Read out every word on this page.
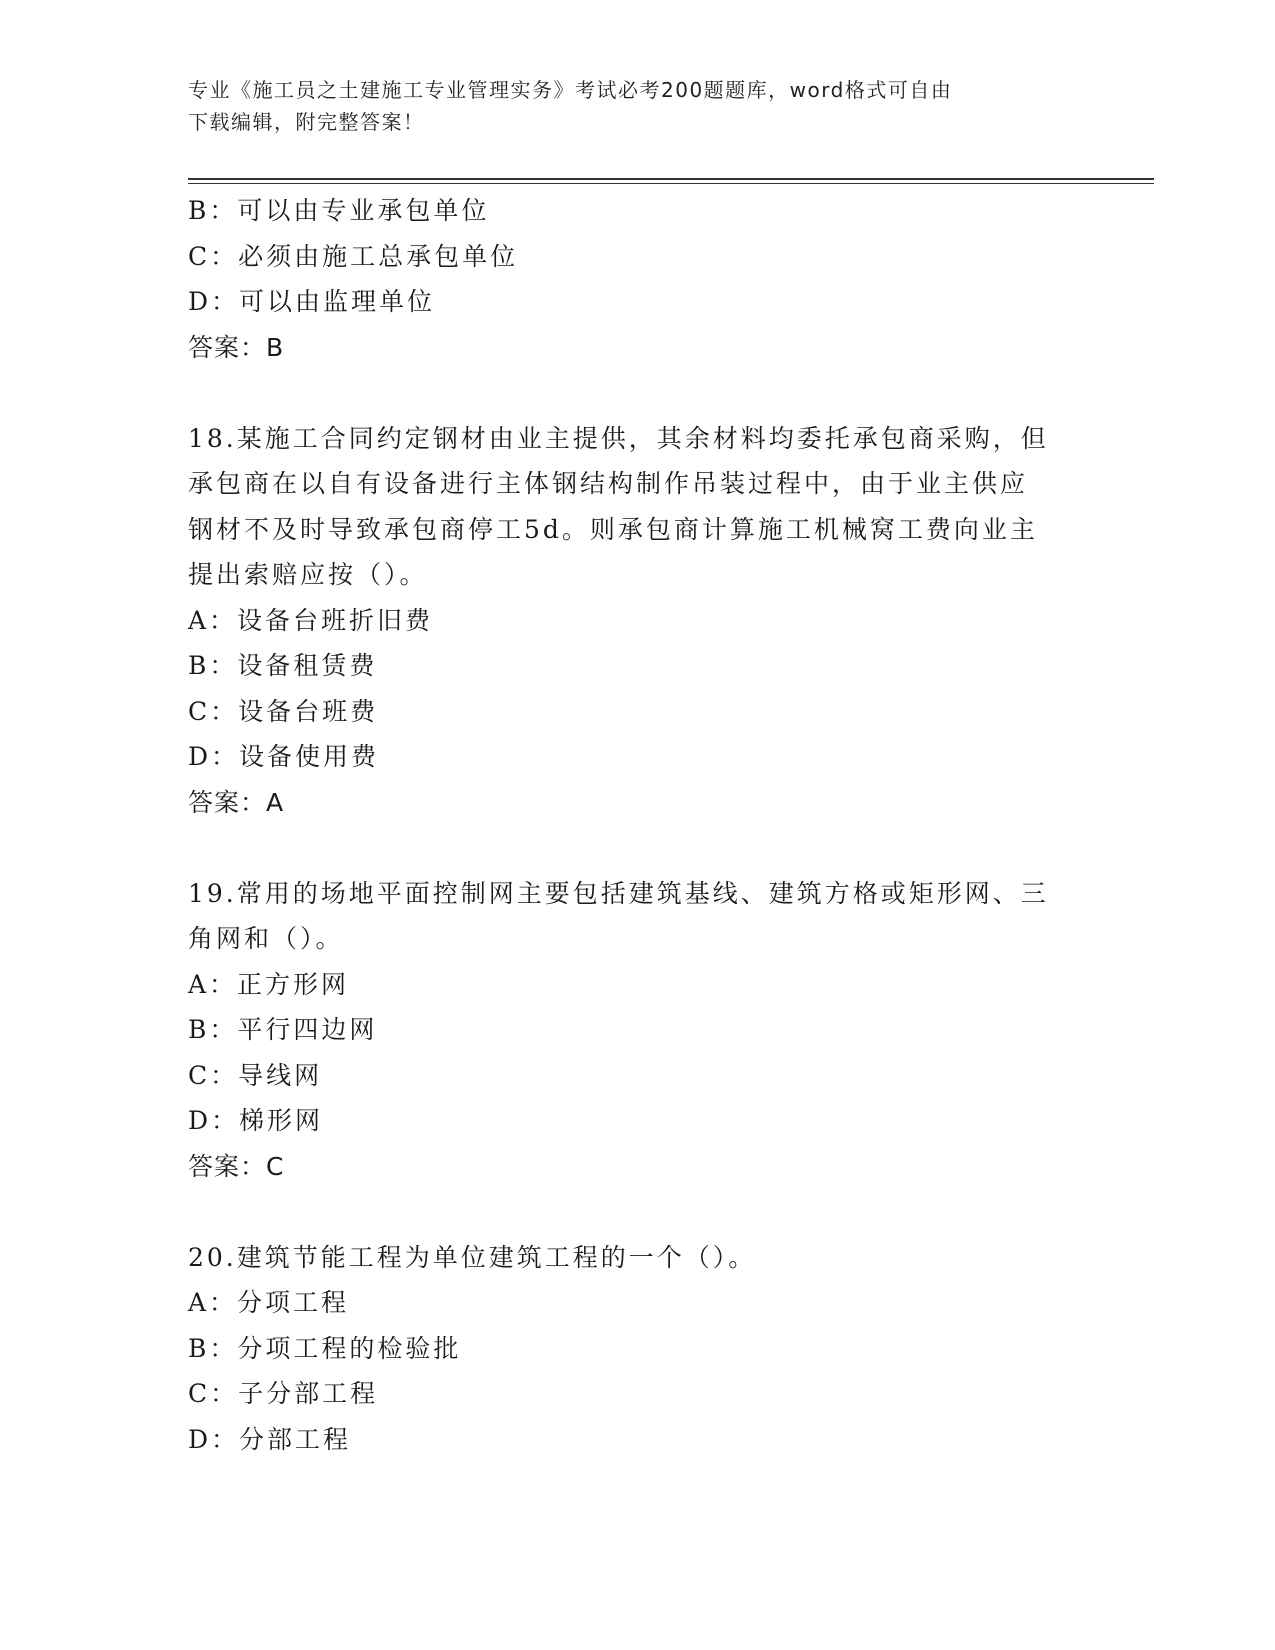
专业《施工员之土建施工专业管理实务》考试必考200题题库，word格式可自由
下载编辑，附完整答案！
B：可以由专业承包单位
C：必须由施工总承包单位
D：可以由监理单位
答案：B
18.某施工合同约定钢材由业主提供，其余材料均委托承包商采购，但
承包商在以自有设备进行主体钢结构制作吊装过程中，由于业主供应
钢材不及时导致承包商停工5d。则承包商计算施工机械窝工费向业主
提出索赔应按（）。
A：设备台班折旧费
B：设备租赁费
C：设备台班费
D：设备使用费
答案：A
19.常用的场地平面控制网主要包括建筑基线、建筑方格或矩形网、三
角网和（）。
A：正方形网
B：平行四边网
C：导线网
D：梯形网
答案：C
20.建筑节能工程为单位建筑工程的一个（）。
A：分项工程
B：分项工程的检验批
C：子分部工程
D：分部工程
